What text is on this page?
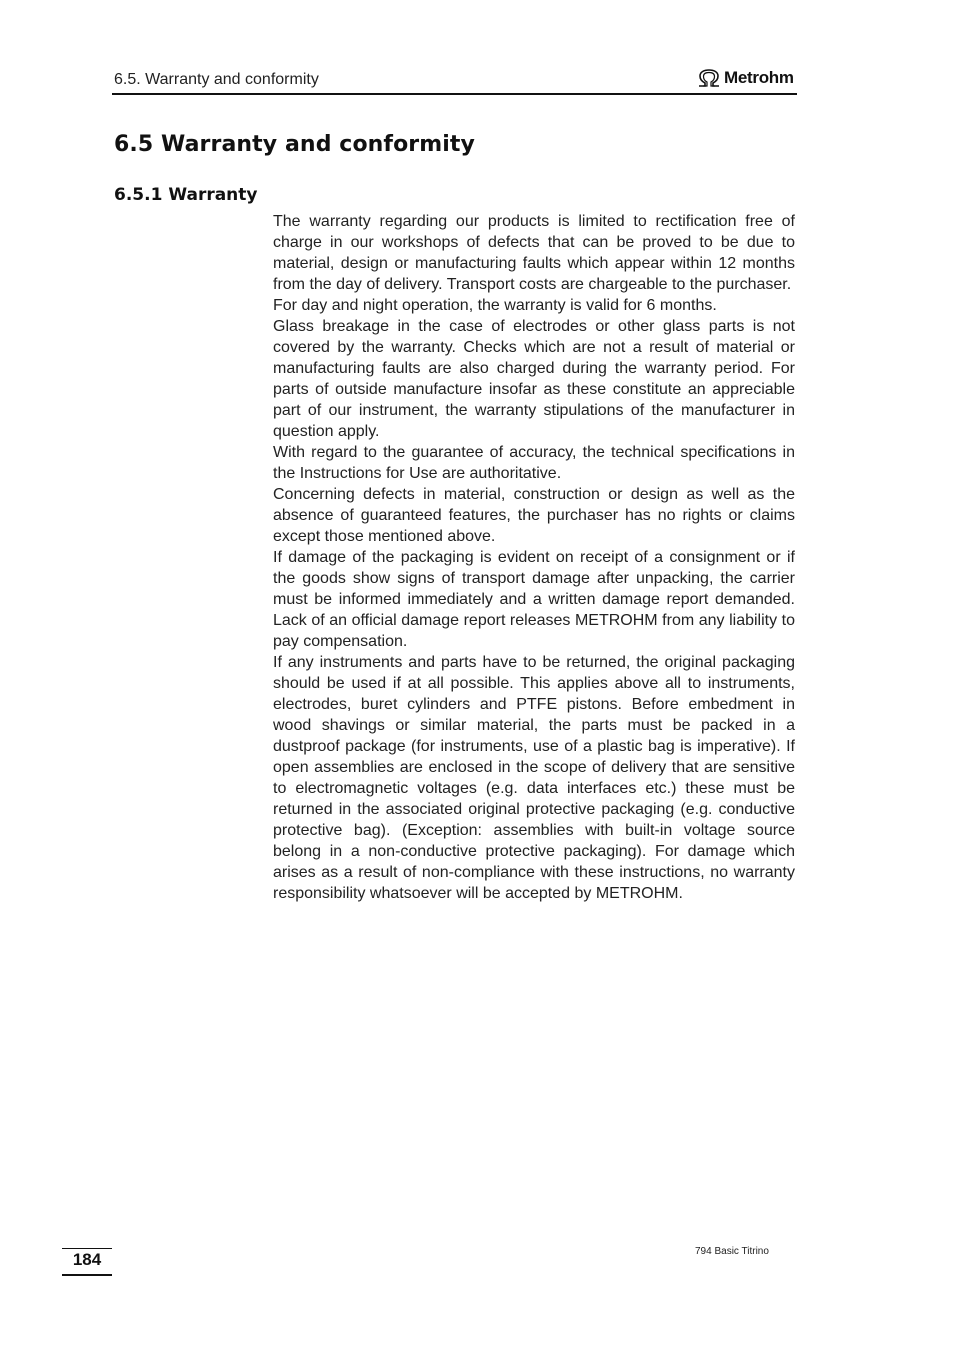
6.5. Warranty and conformity	Metrohm
6.5 Warranty and conformity
6.5.1 Warranty

The warranty regarding our products is limited to rectification free of charge in our workshops of defects that can be proved to be due to material, design or manufacturing faults which appear within 12 months from the day of delivery. Transport costs are chargeable to the purchaser.

For day and night operation, the warranty is valid for 6 months.

Glass breakage in the case of electrodes or other glass parts is not covered by the warranty. Checks which are not a result of material or manufacturing faults are also charged during the warranty period. For parts of outside manufacture insofar as these constitute an appreciable part of our instrument, the warranty stipulations of the manufacturer in question apply.

With regard to the guarantee of accuracy, the technical specifications in the Instructions for Use are authoritative.

Concerning defects in material, construction or design as well as the absence of guaranteed features, the purchaser has no rights or claims except those mentioned above.

If damage of the packaging is evident on receipt of a consignment or if the goods show signs of transport damage after unpacking, the carrier must be informed immediately and a written damage report demanded. Lack of an official damage report releases METROHM from any liability to pay compensation.

If any instruments and parts have to be returned, the original packaging should be used if at all possible. This applies above all to instruments, electrodes, buret cylinders and PTFE pistons. Before embedment in wood shavings or similar material, the parts must be packed in a dustproof package (for instruments, use of a plastic bag is imperative). If open assemblies are enclosed in the scope of delivery that are sensitive to electromagnetic voltages (e.g. data interfaces etc.) these must be returned in the associated original protective packaging (e.g. conductive protective bag). (Exception: assemblies with built-in voltage source belong in a non-conductive protective packaging). For damage which arises as a result of non-compliance with these instructions, no warranty responsibility whatsoever will be accepted by METROHM.

184	794 Basic Titrino
